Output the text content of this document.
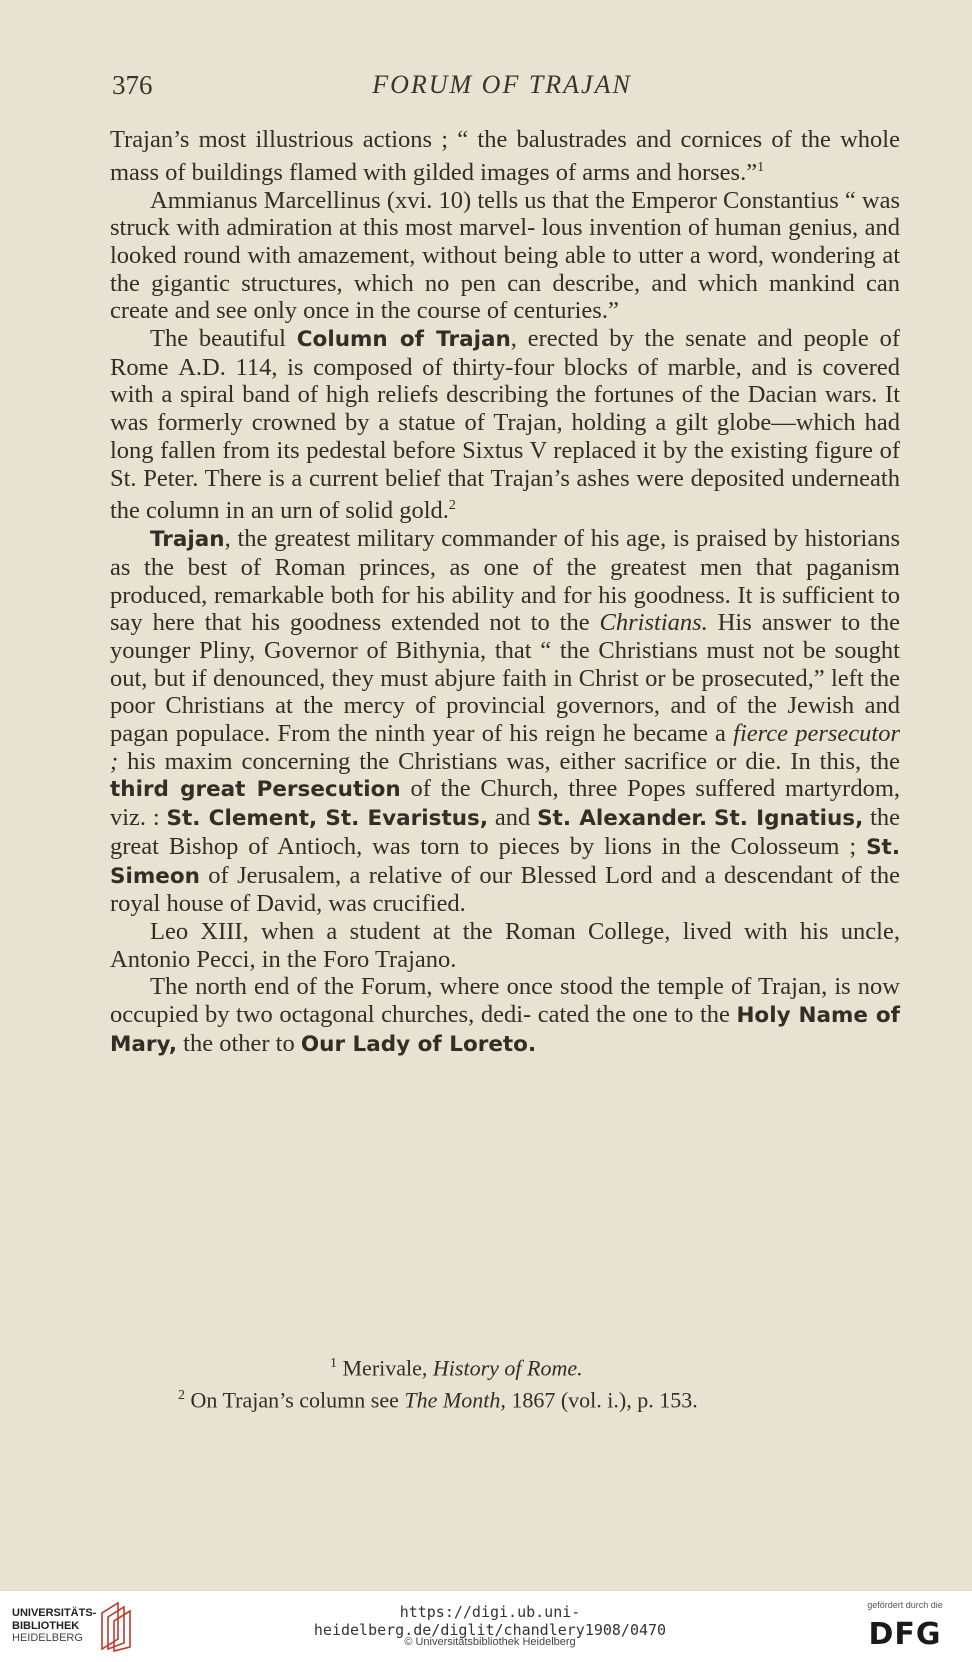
376	FORUM OF TRAJAN

Trajan’s most illustrious actions ; “ the balustrades and cornices of the whole mass of buildings flamed with gilded images of arms and horses.”$^1$

Ammianus Marcellinus (xvi. 10) tells us that the Emperor Constantius “ was struck with admiration at this most marvel- lous invention of human genius, and looked round with amazement, without being able to utter a word, wondering at the gigantic structures, which no pen can describe, and which mankind can create and see only once in the course of centuries.”

The beautiful Column of Trajan, erected by the senate and people of Rome A.D. 114, is composed of thirty-four blocks of marble, and is covered with a spiral band of high reliefs describing the fortunes of the Dacian wars. It was formerly crowned by a statue of Trajan, holding a gilt globe—which had long fallen from its pedestal before Sixtus V replaced it by the existing figure of St. Peter. There is a current belief that Trajan’s ashes were deposited underneath the column in an urn of solid gold.$^2$

Trajan, the greatest military commander of his age, is praised by historians as the best of Roman princes, as one of the greatest men that paganism produced, remarkable both for his ability and for his goodness. It is sufficient to say here that his goodness extended not to the Christians. His answer to the younger Pliny, Governor of Bithynia, that “ the Christians must not be sought out, but if denounced, they must abjure faith in Christ or be prosecuted,” left the poor Christians at the mercy of provincial governors, and of the Jewish and pagan populace. From the ninth year of his reign he became a fierce persecutor ; his maxim concerning the Christians was, either sacrifice or die. In this, the third great Persecution of the Church, three Popes suffered martyrdom, viz. : St. Clement, St. Evaristus, and St. Alexander. St. Ignatius, the great Bishop of Antioch, was torn to pieces by lions in the Colosseum ; St. Simeon of Jerusalem, a relative of our Blessed Lord and a descendant of the royal house of David, was crucified.

Leo XIII, when a student at the Roman College, lived with his uncle, Antonio Pecci, in the Foro Trajano.

The north end of the Forum, where once stood the temple of Trajan, is now occupied by two octagonal churches, dedi- cated the one to the Holy Name of Mary, the other to Our Lady of Loreto.

$^1$ Merivale, History of Rome.
$^2$ On Trajan’s column see The Month, 1867 (vol. i.), p. 153.
UNIVERSITÄTS-
BIBLIOTHEK
HEIDELBERG
https://digi.ub.uni-heidelberg.de/diglit/chandlery1908/0470
© Universitätsbibliothek Heidelberg
gefördert durch die
DFG
